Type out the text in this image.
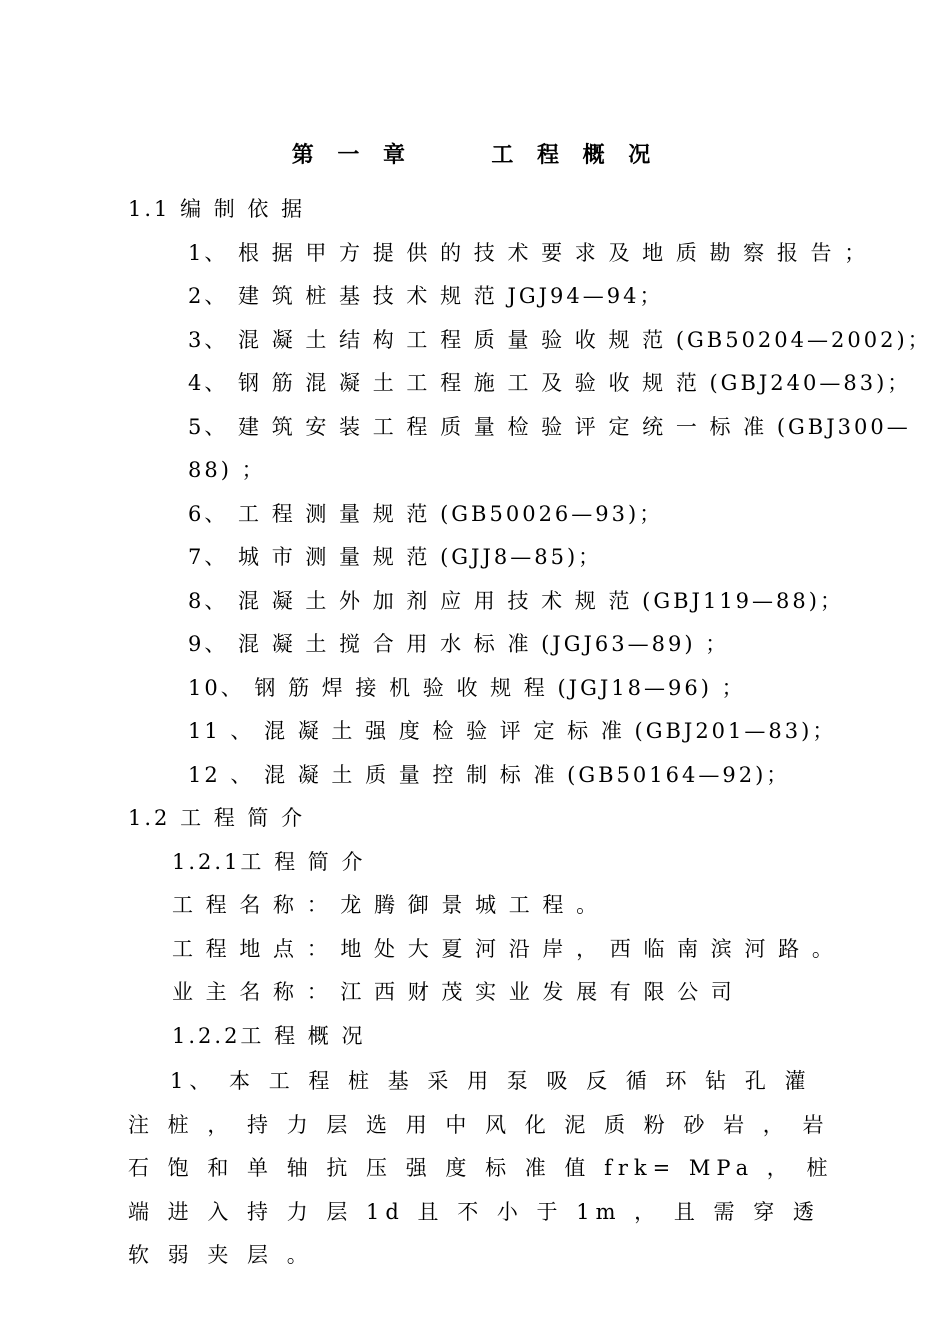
第 一 章     工 程 概 况
1.1 编 制 依 据
1、 根 据 甲 方 提 供 的 技 术 要 求 及 地 质 勘 察 报 告 ；
2、 建 筑 桩 基 技 术 规 范 JGJ94—94；
3、 混 凝 土 结 构 工 程 质 量 验 收 规 范 (GB50204—2002)；
4、 钢 筋 混 凝 土 工 程 施 工 及 验 收 规 范 (GBJ240—83)；
5、 建 筑 安 装 工 程 质 量 检 验 评 定 统 一 标 准 (GBJ300—
88) ；
6、 工 程 测 量 规 范 (GB50026—93)；
7、 城 市 测 量 规 范 (GJJ8—85)；
8、 混 凝 土 外 加 剂 应 用 技 术 规 范 (GBJ119—88)；
9、 混 凝 土 搅 合 用 水 标 准 (JGJ63—89) ；
10、 钢 筋 焊 接 机 验 收 规 程 (JGJ18—96) ；
11 、 混 凝 土 强 度 检 验 评 定 标 准 (GBJ201—83)；
12 、 混 凝 土 质 量 控 制 标 准 (GB50164—92)；
1.2 工 程 简 介
1.2.1工 程 简 介
工 程 名 称 ： 龙 腾 御 景 城 工 程 。
工 程 地 点 ： 地 处 大 夏 河 沿 岸 ， 西 临 南 滨 河 路 。
业 主 名 称 ： 江 西 财 茂 实 业 发 展 有 限 公 司
1.2.2工 程 概 况
1、 本 工 程 桩 基 采 用 泵 吸 反 循 环 钻 孔 灌 注 桩 ， 持 力 层 选 用 中 风 化 泥 质 粉 砂 岩 ， 岩 石 饱 和 单 轴 抗 压 强 度 标 准 值 frk= MPa ， 桩 端 进 入 持 力 层 1d 且 不 小 于 1m ， 且 需 穿 透 软 弱 夹 层 。
